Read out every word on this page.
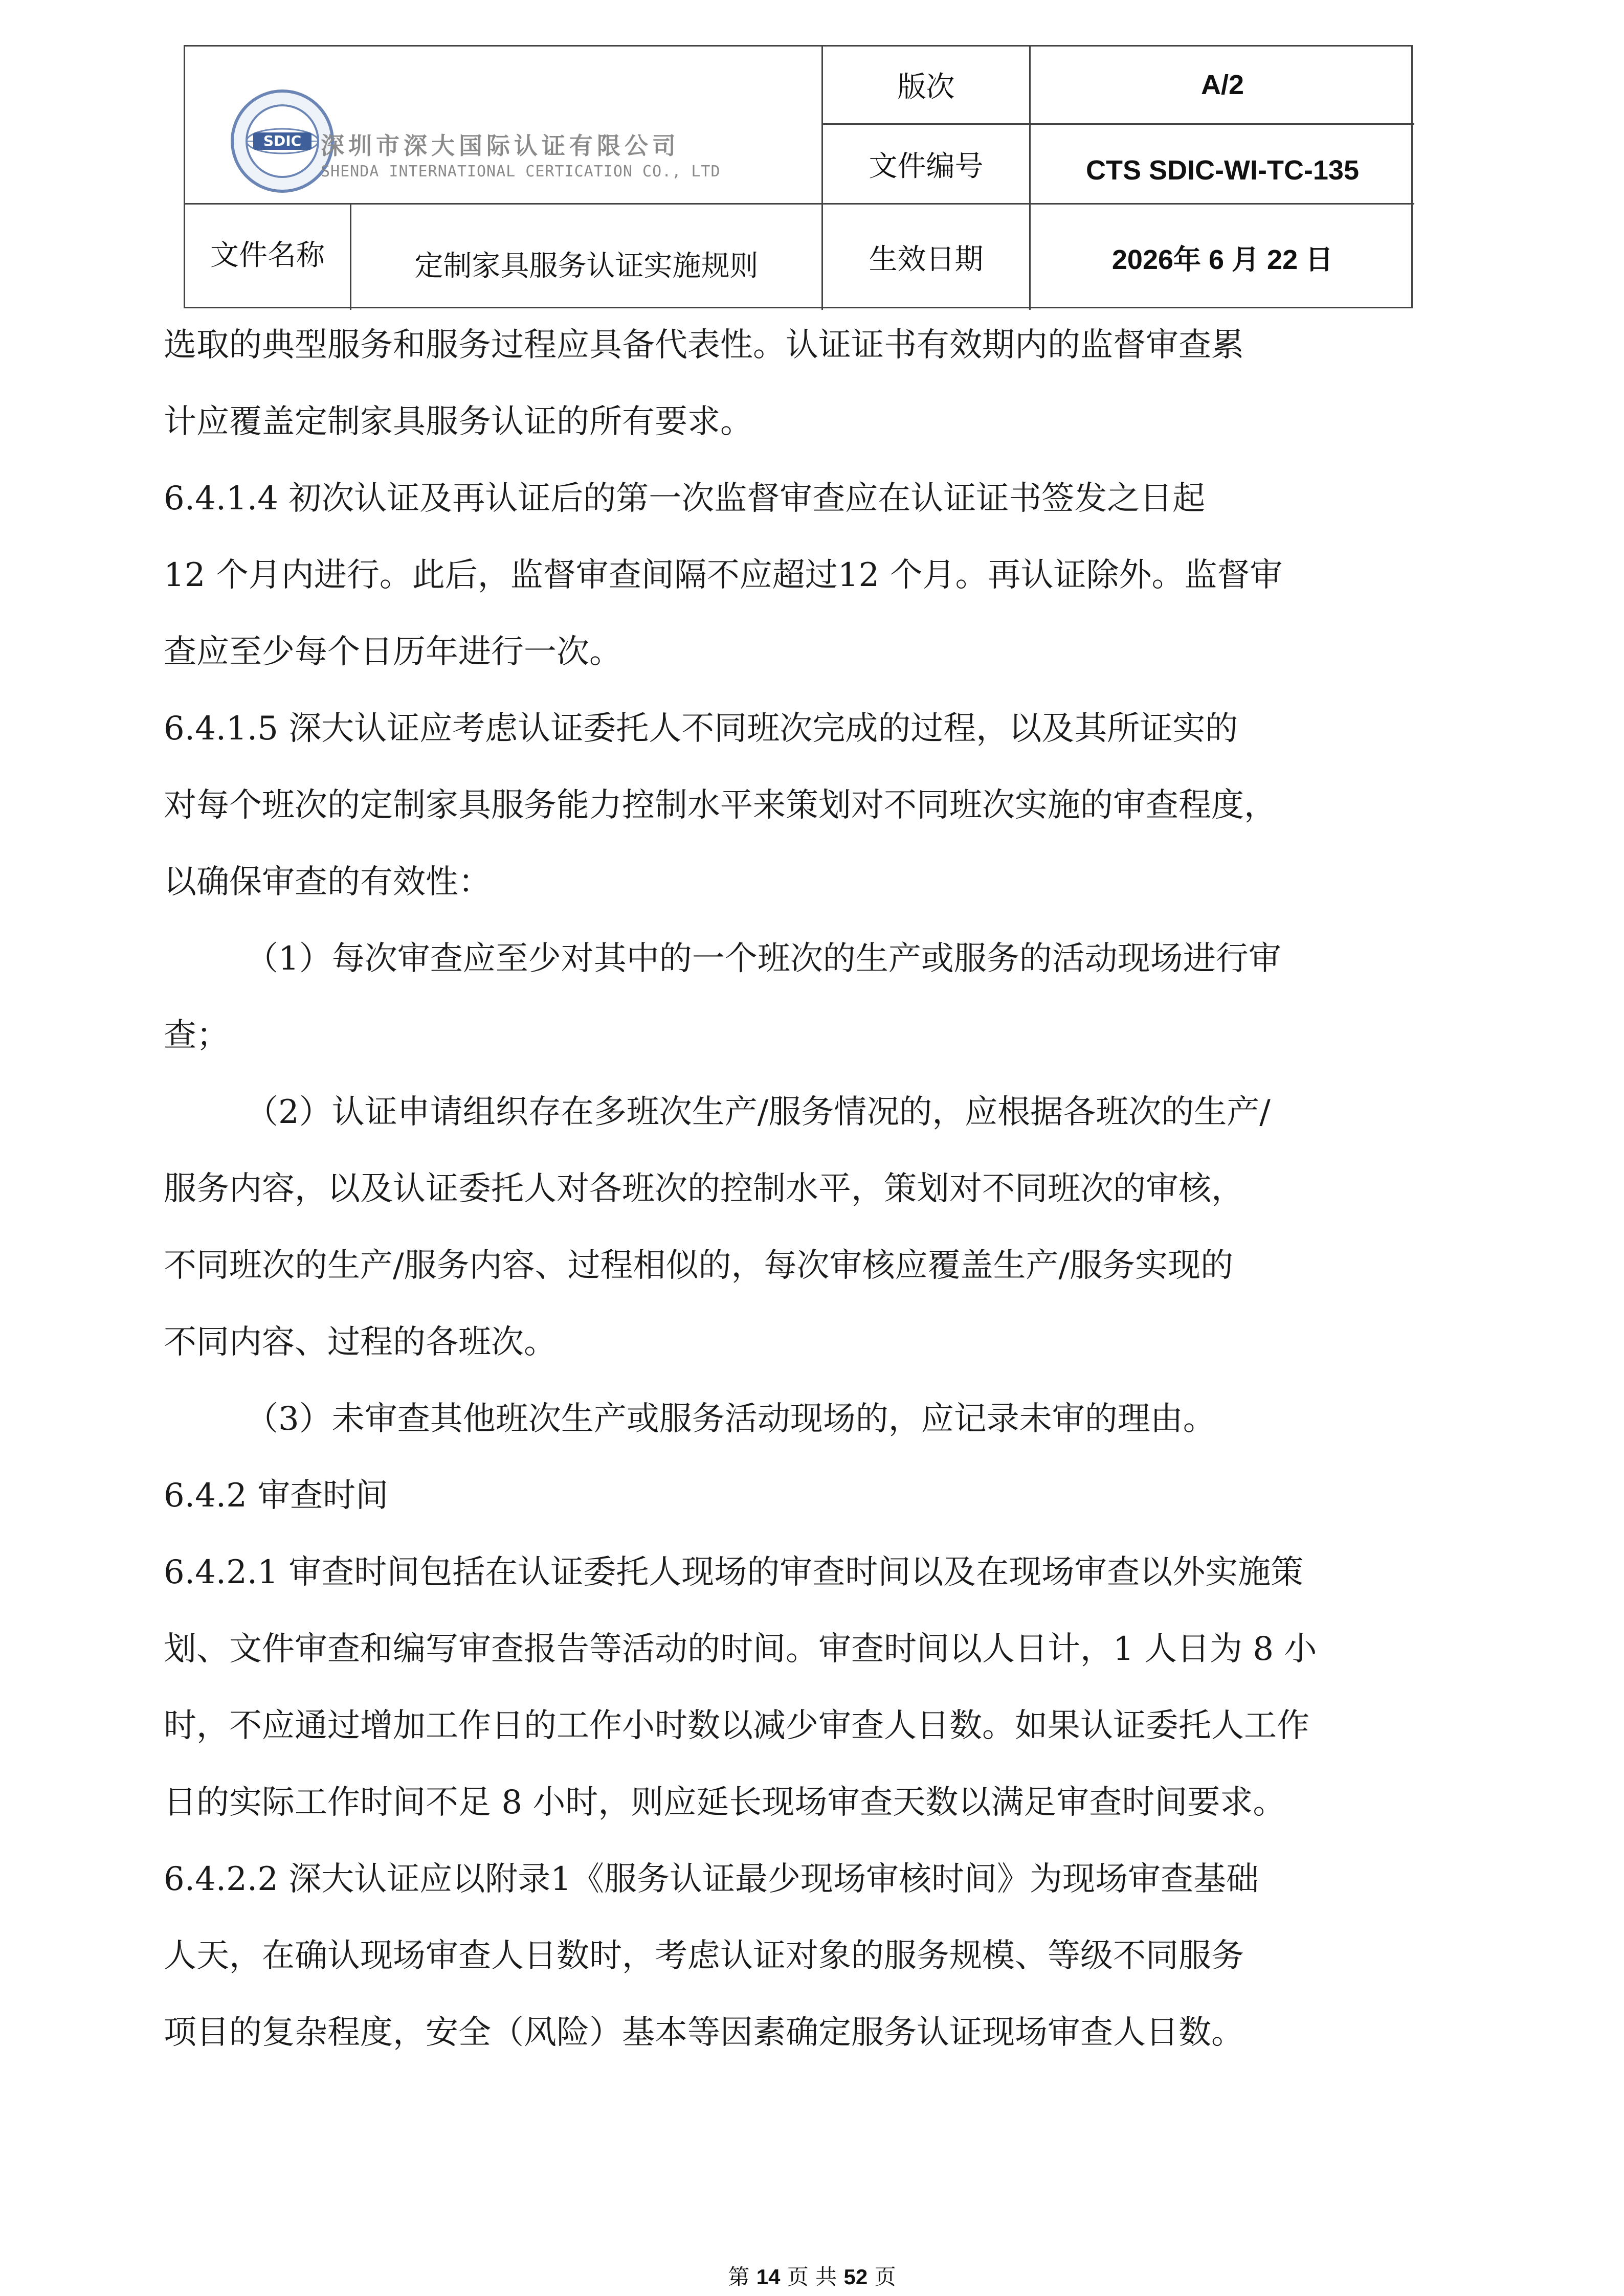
SDIC 深圳市深大国际认证有限公司
SHENDA INTERNATIONAL CERTICATION CO., LTD
版次	A/2
文件编号	CTS SDIC-WI-TC-135
文件名称	定制家具服务认证实施规则	生效日期	2026年 6 月 22 日

选取的典型服务和服务过程应具备代表性。认证证书有效期内的监督审查累

计应覆盖定制家具服务认证的所有要求。

6.4.1.4 初次认证及再认证后的第一次监督审查应在认证证书签发之日起

12 个月内进行。此后，监督审查间隔不应超过12 个月。再认证除外。监督审

查应至少每个日历年进行一次。

6.4.1.5 深大认证应考虑认证委托人不同班次完成的过程，以及其所证实的

对每个班次的定制家具服务能力控制水平来策划对不同班次实施的审查程度，

以确保审查的有效性：

（1）每次审查应至少对其中的一个班次的生产或服务的活动现场进行审

查；

（2）认证申请组织存在多班次生产/服务情况的，应根据各班次的生产/

服务内容，以及认证委托人对各班次的控制水平，策划对不同班次的审核，

不同班次的生产/服务内容、过程相似的，每次审核应覆盖生产/服务实现的

不同内容、过程的各班次。

（3）未审查其他班次生产或服务活动现场的，应记录未审的理由。

6.4.2 审查时间

6.4.2.1 审查时间包括在认证委托人现场的审查时间以及在现场审查以外实施策

划、文件审查和编写审查报告等活动的时间。审查时间以人日计，1 人日为 8 小

时，不应通过增加工作日的工作小时数以减少审查人日数。如果认证委托人工作

日的实际工作时间不足 8 小时，则应延长现场审查天数以满足审查时间要求。

6.4.2.2 深大认证应以附录1《服务认证最少现场审核时间》为现场审查基础

人天，在确认现场审查人日数时，考虑认证对象的服务规模、等级不同服务

项目的复杂程度，安全（风险）基本等因素确定服务认证现场审查人日数。

第 14 页 共 52 页
